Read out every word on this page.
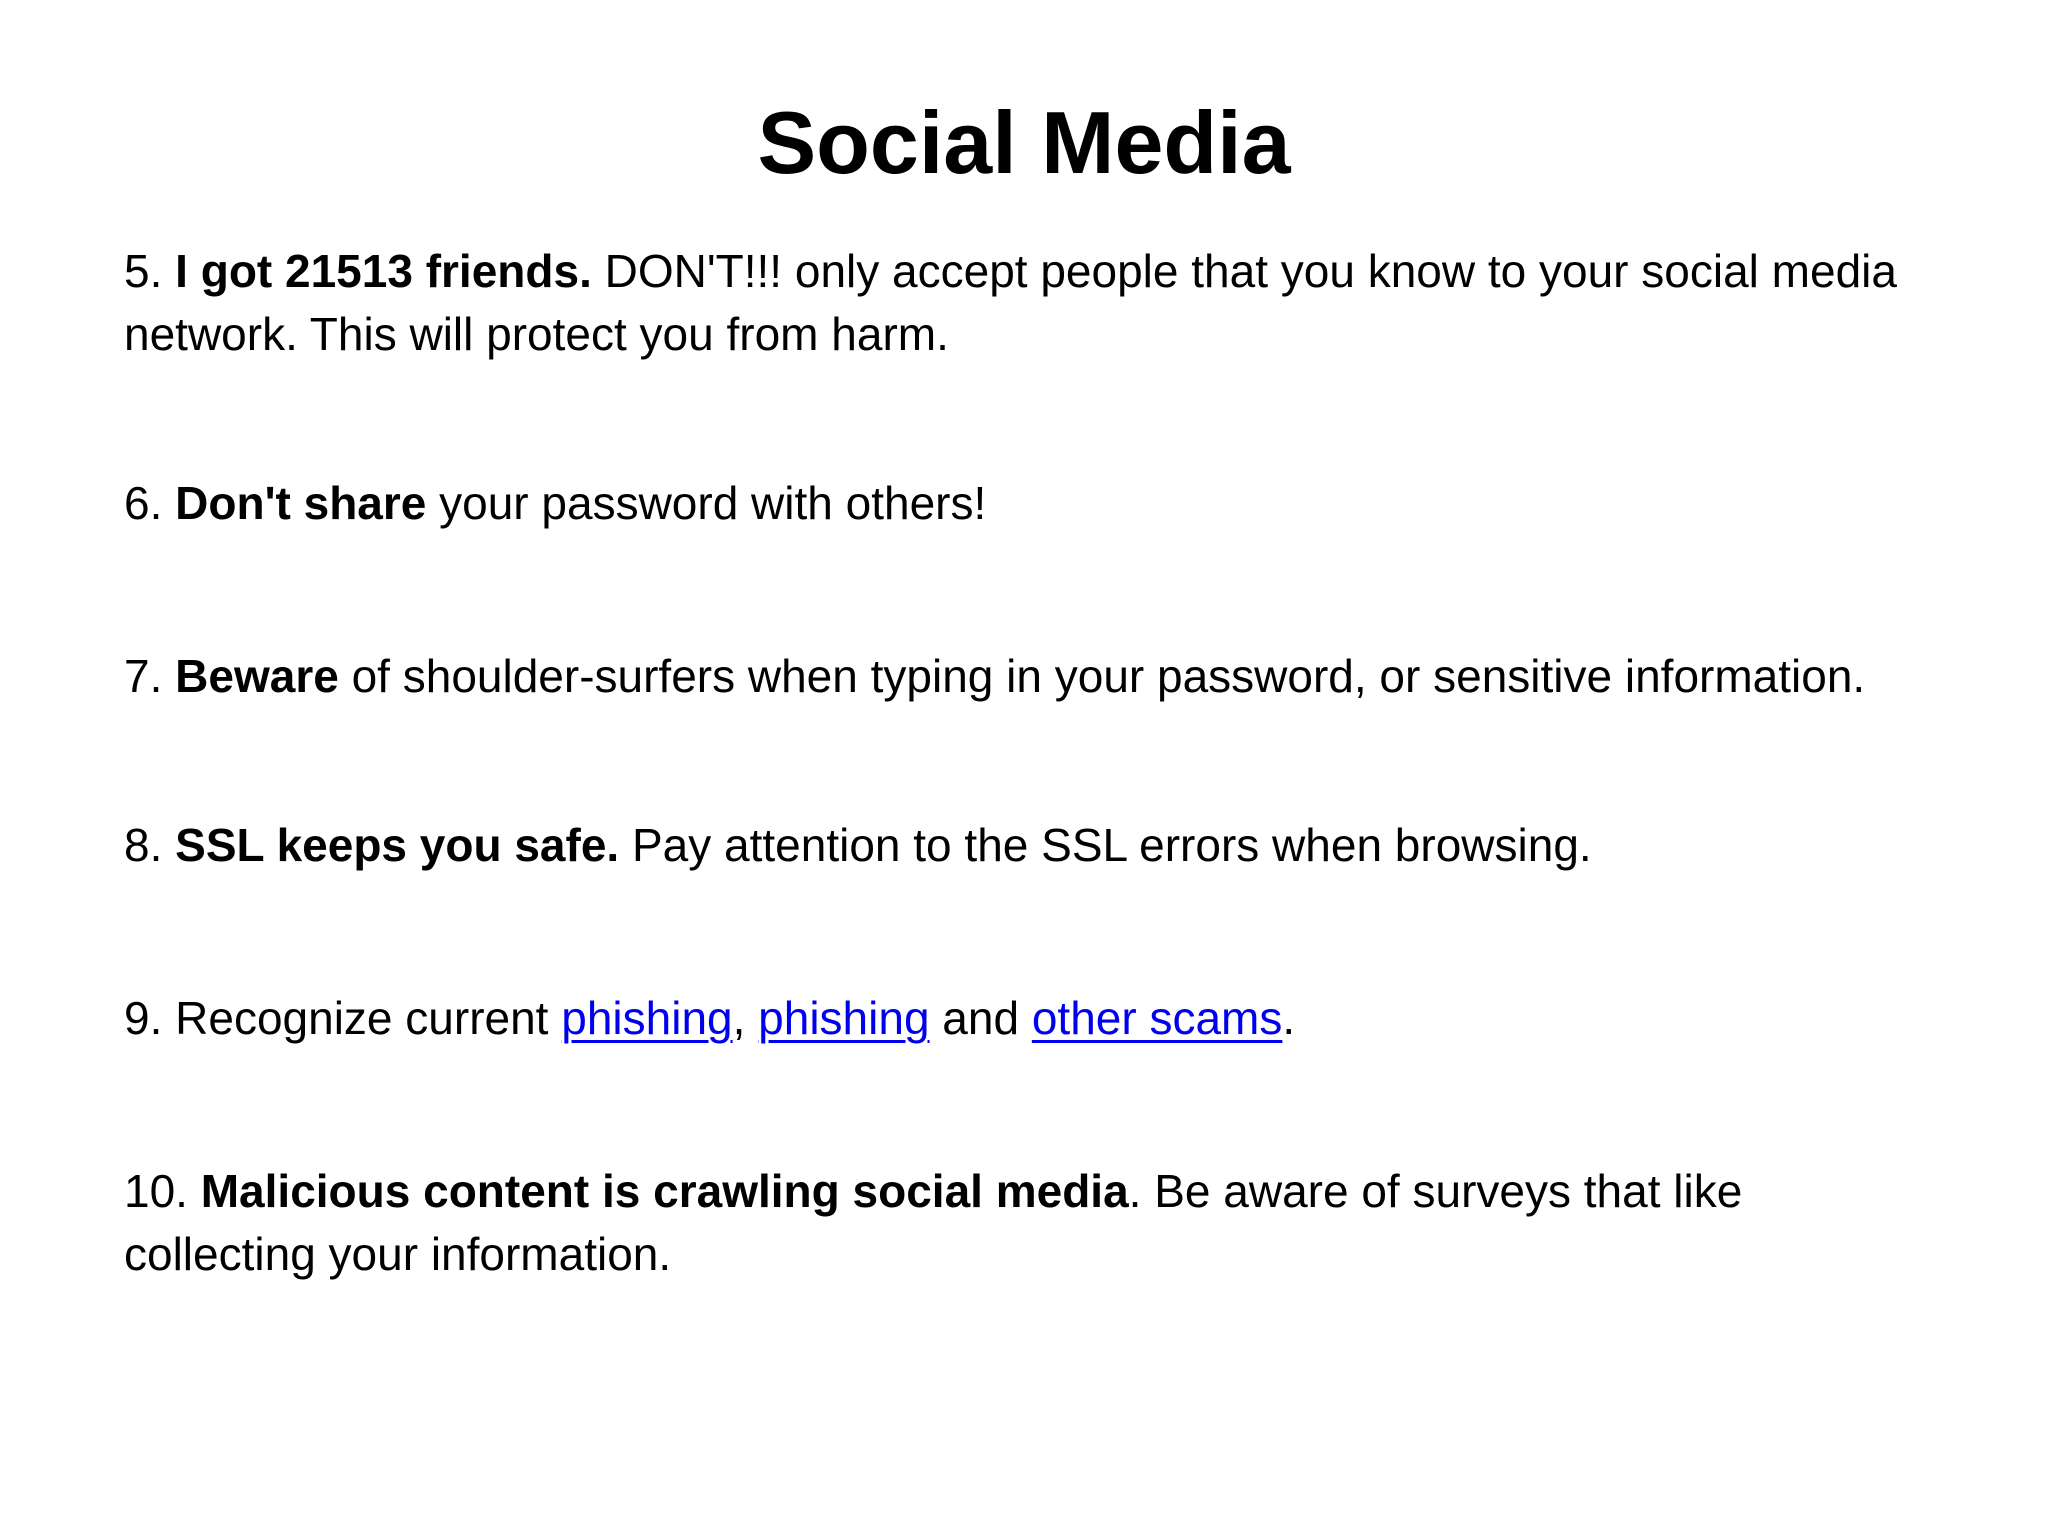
Social Media

5. I got 21513 friends. DON'T!!! only accept people that you know to your social media network. This will protect you from harm.

6. Don't share your password with others!

7. Beware of shoulder-surfers when typing in your password, or sensitive information.

8. SSL keeps you safe. Pay attention to the SSL errors when browsing.

9. Recognize current phishing, phishing and other scams.

10. Malicious content is crawling social media. Be aware of surveys that like collecting your information.
